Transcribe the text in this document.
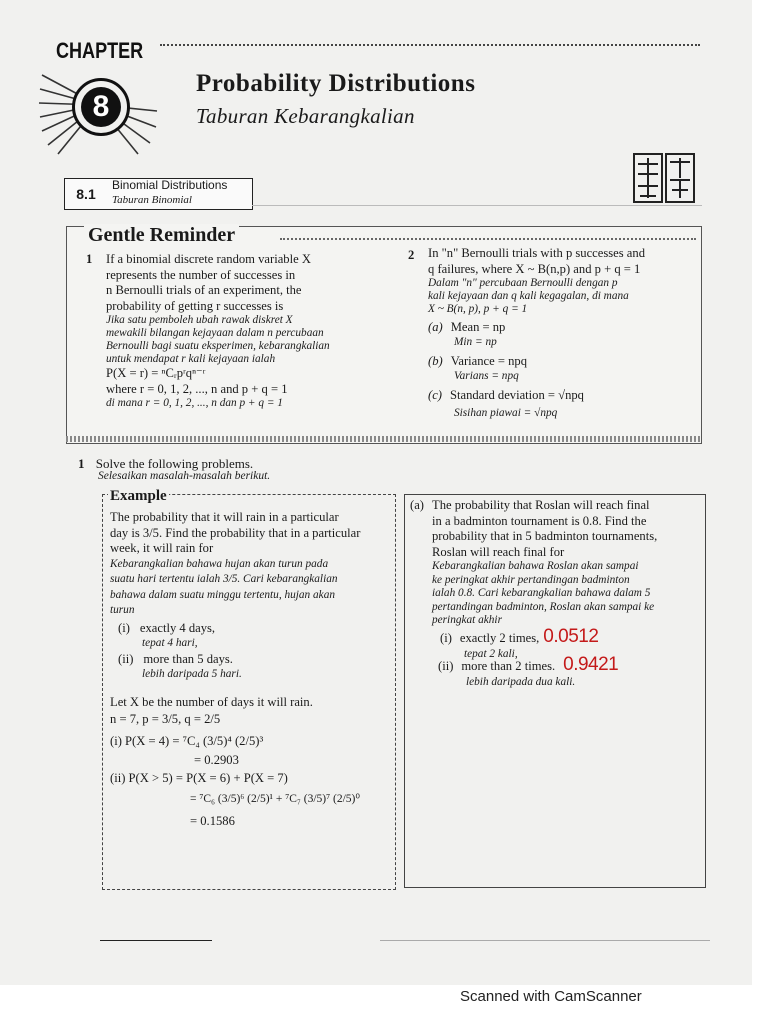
CHAPTER
8
Probability Distributions
Taburan Kebarangkalian
8.1
Binomial Distributions
Taburan Binomial
Gentle Reminder
1 If a binomial discrete random variable X
represents the number of successes in
n Bernoulli trials of an experiment, the
probability of getting r successes is
Jika satu pemboleh ubah rawak diskret X
mewakili bilangan kejayaan dalam n percubaan
Bernoulli bagi suatu eksperimen, kebarangkalian
untuk mendapat r kali kejayaan ialah
P(X = r) = ⁿCᵣpʳqⁿ⁻ʳ
where r = 0, 1, 2, ..., n and p + q = 1
di mana r = 0, 1, 2, ..., n dan p + q = 1
2 In "n" Bernoulli trials with p successes and
q failures, where X ~ B(n,p) and p + q = 1
Dalam "n" percubaan Bernoulli dengan p
kali kejayaan dan q kali kegagalan, di mana
X ~ B(n, p), p + q = 1
(a) Mean = np
Min = np
(b) Variance = npq
Varians = npq
(c) Standard deviation = √npq
Sisihan piawai = √npq
1 Solve the following problems.
Selesaikan masalah-masalah berikut.
Example
The probability that it will rain in a particular
day is 3/5. Find the probability that in a particular
week, it will rain for
Kebarangkalian bahawa hujan akan turun pada
suatu hari tertentu ialah 3/5. Cari kebarangkalian
bahawa dalam suatu minggu tertentu, hujan akan
turun
(i) exactly 4 days,
tepat 4 hari,
(ii) more than 5 days.
lebih daripada 5 hari.
Let X be the number of days it will rain.
n = 7, p = 3/5, q = 2/5
(i) P(X = 4) = ⁷C₄ (3/5)⁴ (2/5)³
= 0.2903
(ii) P(X > 5) = P(X = 6) + P(X = 7)
= ⁷C₆ (3/5)⁶ (2/5)¹ + ⁷C₇ (3/5)⁷ (2/5)⁰
= 0.1586
(a) The probability that Roslan will reach final
in a badminton tournament is 0.8. Find the
probability that in 5 badminton tournaments,
Roslan will reach final for
Kebarangkalian bahawa Roslan akan sampai
ke peringkat akhir pertandingan badminton
ialah 0.8. Cari kebarangkalian bahawa dalam 5
pertandingan badminton, Roslan akan sampai ke
peringkat akhir
(i) exactly 2 times, 0.0512
tepat 2 kali,
(ii) more than 2 times. 0.9421
lebih daripada dua kali.
Scanned with CamScanner
